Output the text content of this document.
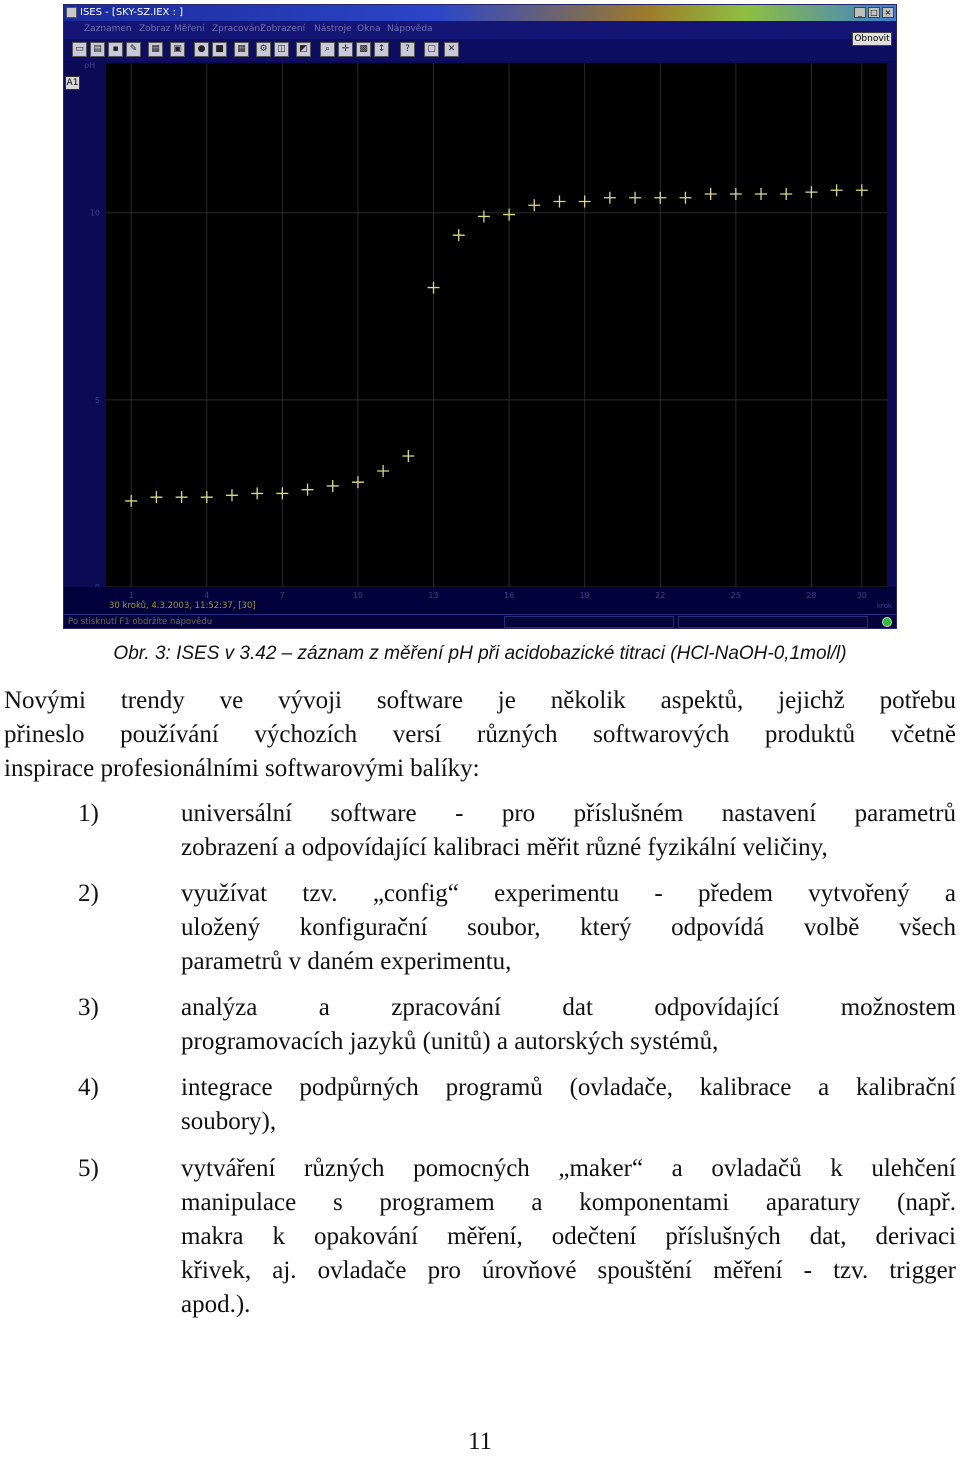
ISES - [SKY-SZ.IEX : ]	_	□ ×
Zaznamen Zobraz Měření Zpracování
Zobrazení Nástroje Okna Nápověda
▭	▤	▪	✎	▦	▣	●	■	▦	⚙	◫	◩	⌕	✛	▩	↕	?	▢	✕
Obnovit
pH
A1
5
10
1	4	7	10	13	16	19	22	25	28	30
30 kroků, 4.3.2003, 11:52:37, [30]	krok
Po stisknutí F1 obdržíte nápovědu
Obr. 3: ISES v 3.42 – záznam z měření pH při acidobazické titraci (HCl-NaOH-0,1mol/l)
Novými trendy ve vývoji software je několik aspektů, jejichž potřebu
přineslo používání výchozích versí různých softwarových produktů včetně
inspirace profesionálními softwarovými balíky:
1)	universální software - pro příslušném nastavení parametrů
zobrazení a odpovídající kalibraci měřit různé fyzikální veličiny,
2)	využívat tzv. „config“ experimentu - předem vytvořený a
uložený konfigurační soubor, který odpovídá volbě všech
parametrů v daném experimentu,
3)	analýza a zpracování dat odpovídající možnostem
programovacích jazyků (unitů) a autorských systémů,
4)	integrace podpůrných programů (ovladače, kalibrace a kalibrační
soubory),
5)	vytváření různých pomocných „maker“ a ovladačů k ulehčení
manipulace s programem a komponentami aparatury (např.
makra k opakování měření, odečtení příslušných dat, derivaci
křivek, aj. ovladače pro úrovňové spouštění měření - tzv. trigger
apod.).
11
